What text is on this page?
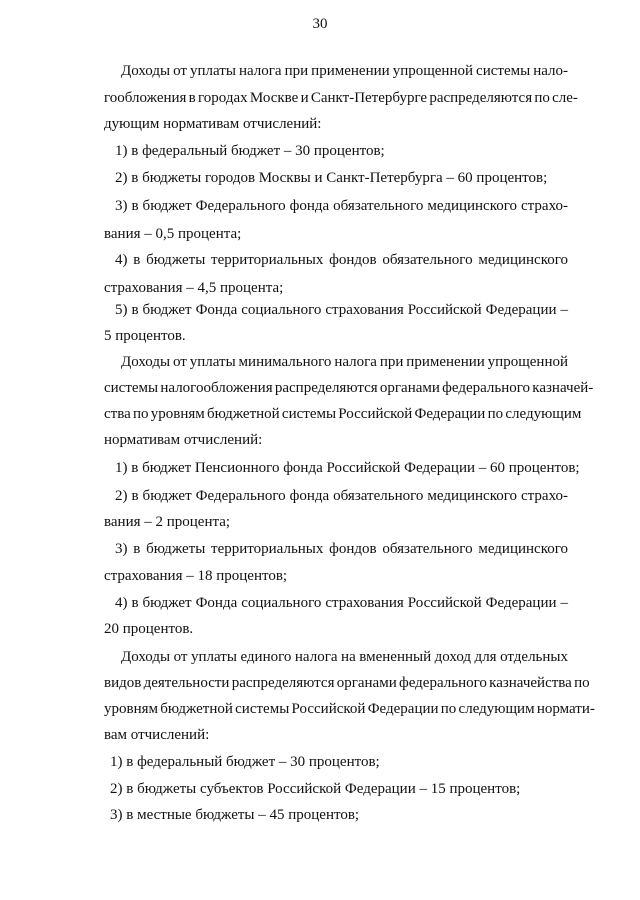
30
Доходы от уплаты налога при применении упрощенной системы нало-
гообложения в городах Москве и Санкт-Петербурге распределяются по сле-
дующим нормативам отчислений:
1) в федеральный бюджет – 30 процентов;
2) в бюджеты городов Москвы и Санкт-Петербурга – 60 процентов;
3) в бюджет Федерального фонда обязательного медицинского страхо-
вания – 0,5 процента;
4) в бюджеты территориальных фондов обязательного медицинского
страхования – 4,5 процента;
5) в бюджет Фонда социального страхования Российской Федерации –
5 процентов.
Доходы от уплаты минимального налога при применении упрощенной
системы налогообложения распределяются органами федерального казначей-
ства по уровням бюджетной системы Российской Федерации по следующим
нормативам отчислений:
1) в бюджет Пенсионного фонда Российской Федерации – 60 процентов;
2) в бюджет Федерального фонда обязательного медицинского страхо-
вания – 2 процента;
3) в бюджеты территориальных фондов обязательного медицинского
страхования – 18 процентов;
4) в бюджет Фонда социального страхования Российской Федерации –
20 процентов.
Доходы от уплаты единого налога на вмененный доход для отдельных
видов деятельности распределяются органами федерального казначейства по
уровням бюджетной системы Российской Федерации по следующим нормати-
вам отчислений:
1) в федеральный бюджет – 30 процентов;
2) в бюджеты субъектов Российской Федерации – 15 процентов;
3) в местные бюджеты – 45 процентов;
